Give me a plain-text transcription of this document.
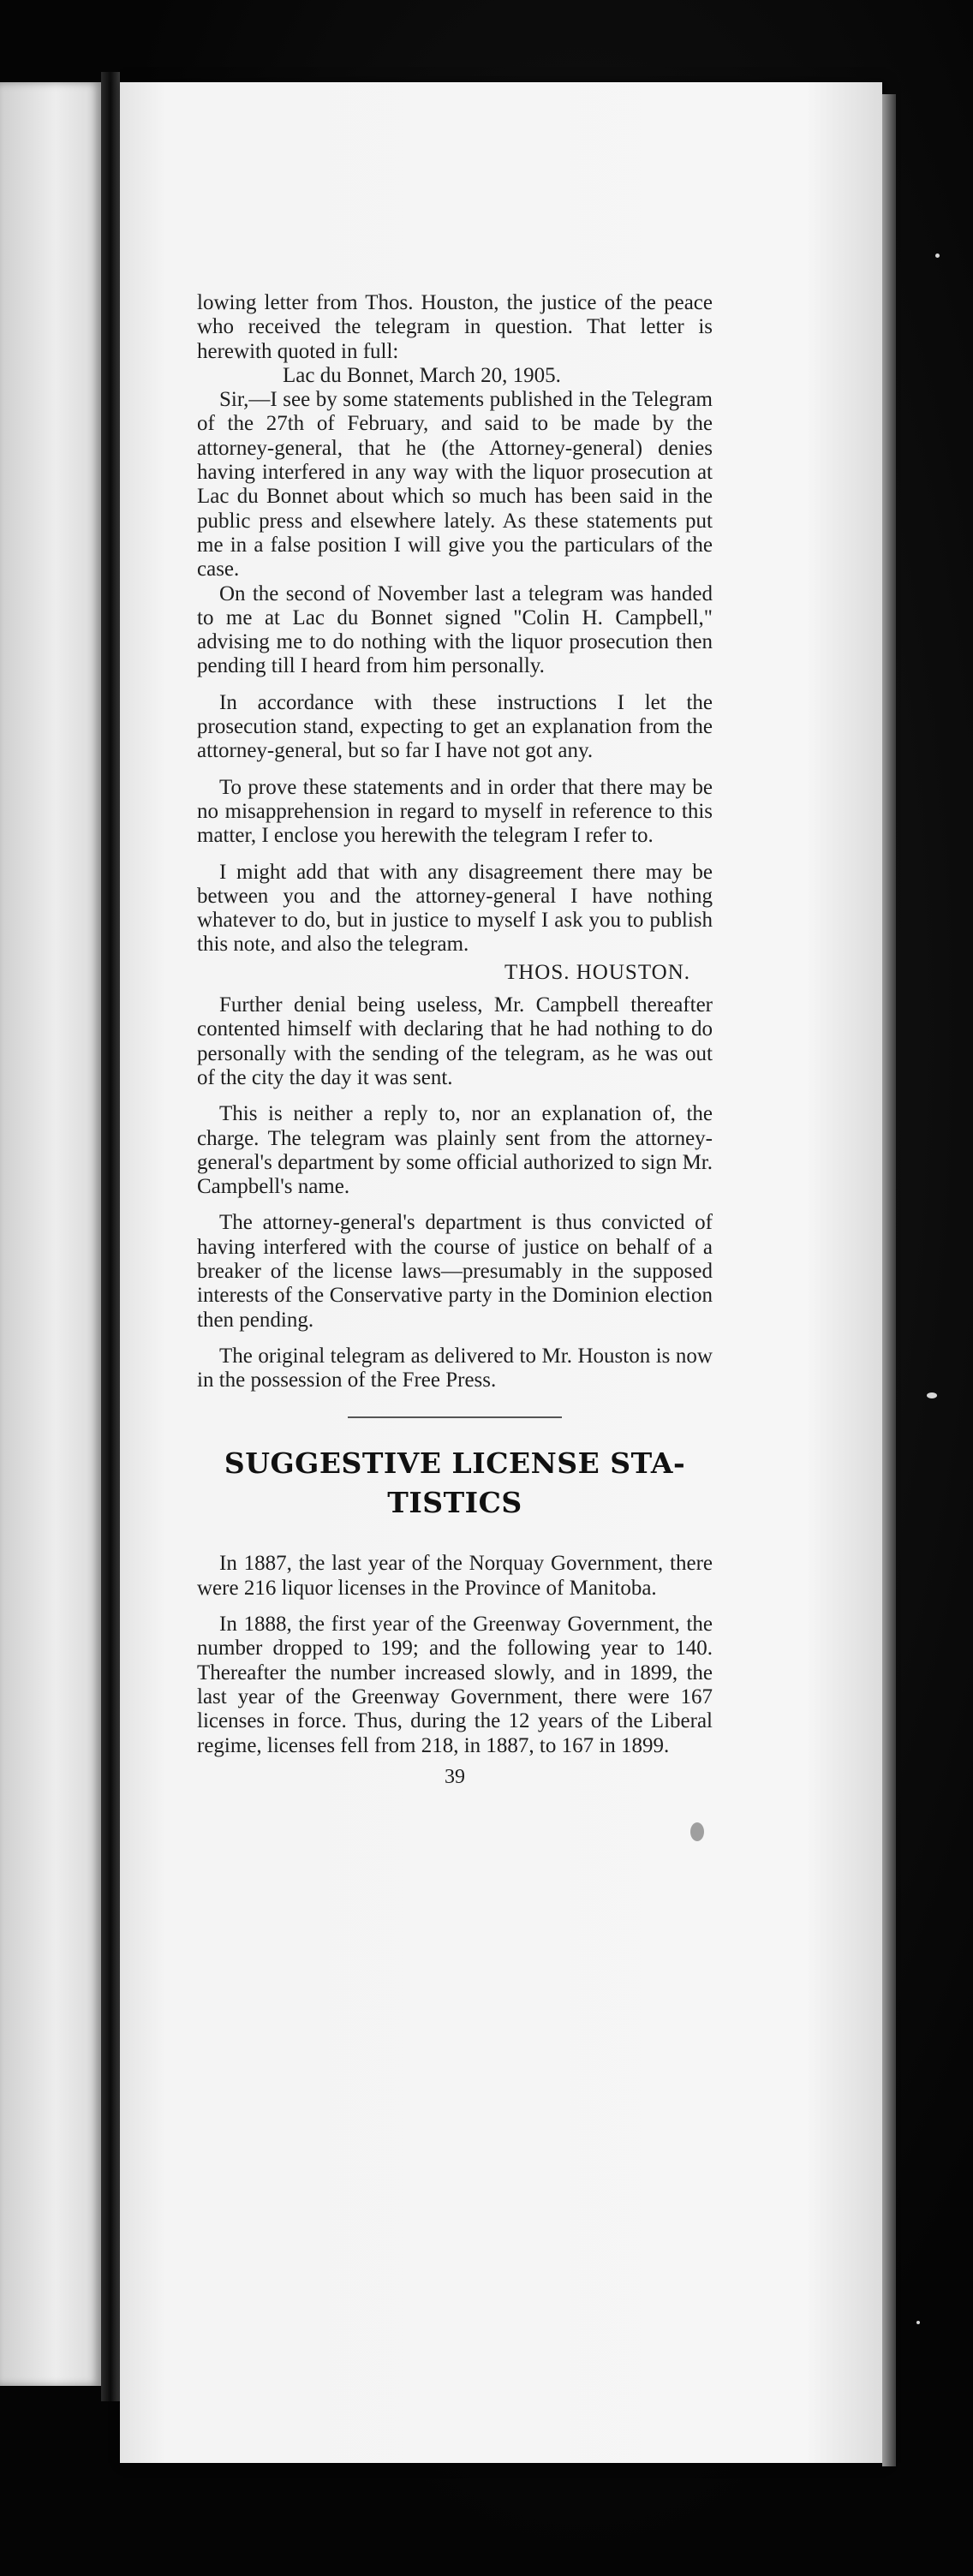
lowing letter from Thos. Houston, the justice of the peace who received the telegram in question. That letter is herewith quoted in full:

Lac du Bonnet, March 20, 1905.

Sir,—I see by some statements published in the Telegram of the 27th of February, and said to be made by the attorney-general, that he (the Attorney-general) denies having interfered in any way with the liquor prosecution at Lac du Bonnet about which so much has been said in the public press and elsewhere lately. As these statements put me in a false position I will give you the particulars of the case.

On the second of November last a telegram was handed to me at Lac du Bonnet signed "Colin H. Campbell," advising me to do nothing with the liquor prosecution then pending till I heard from him personally.

In accordance with these instructions I let the prosecution stand, expecting to get an explanation from the attorney-general, but so far I have not got any.

To prove these statements and in order that there may be no misapprehension in regard to myself in reference to this matter, I enclose you herewith the telegram I refer to.

I might add that with any disagreement there may be between you and the attorney-general I have nothing whatever to do, but in justice to myself I ask you to publish this note, and also the telegram.

THOS. HOUSTON.

Further denial being useless, Mr. Campbell thereafter contented himself with declaring that he had nothing to do personally with the sending of the telegram, as he was out of the city the day it was sent.

This is neither a reply to, nor an explanation of, the charge. The telegram was plainly sent from the attorney-general's department by some official authorized to sign Mr. Campbell's name.

The attorney-general's department is thus convicted of having interfered with the course of justice on behalf of a breaker of the license laws—presumably in the supposed interests of the Conservative party in the Dominion election then pending.

The original telegram as delivered to Mr. Houston is now in the possession of the Free Press.

SUGGESTIVE LICENSE STA-
TISTICS

In 1887, the last year of the Norquay Government, there were 216 liquor licenses in the Province of Manitoba.

In 1888, the first year of the Greenway Government, the number dropped to 199; and the following year to 140. Thereafter the number increased slowly, and in 1899, the last year of the Greenway Government, there were 167 licenses in force. Thus, during the 12 years of the Liberal regime, licenses fell from 218, in 1887, to 167 in 1899.

39
